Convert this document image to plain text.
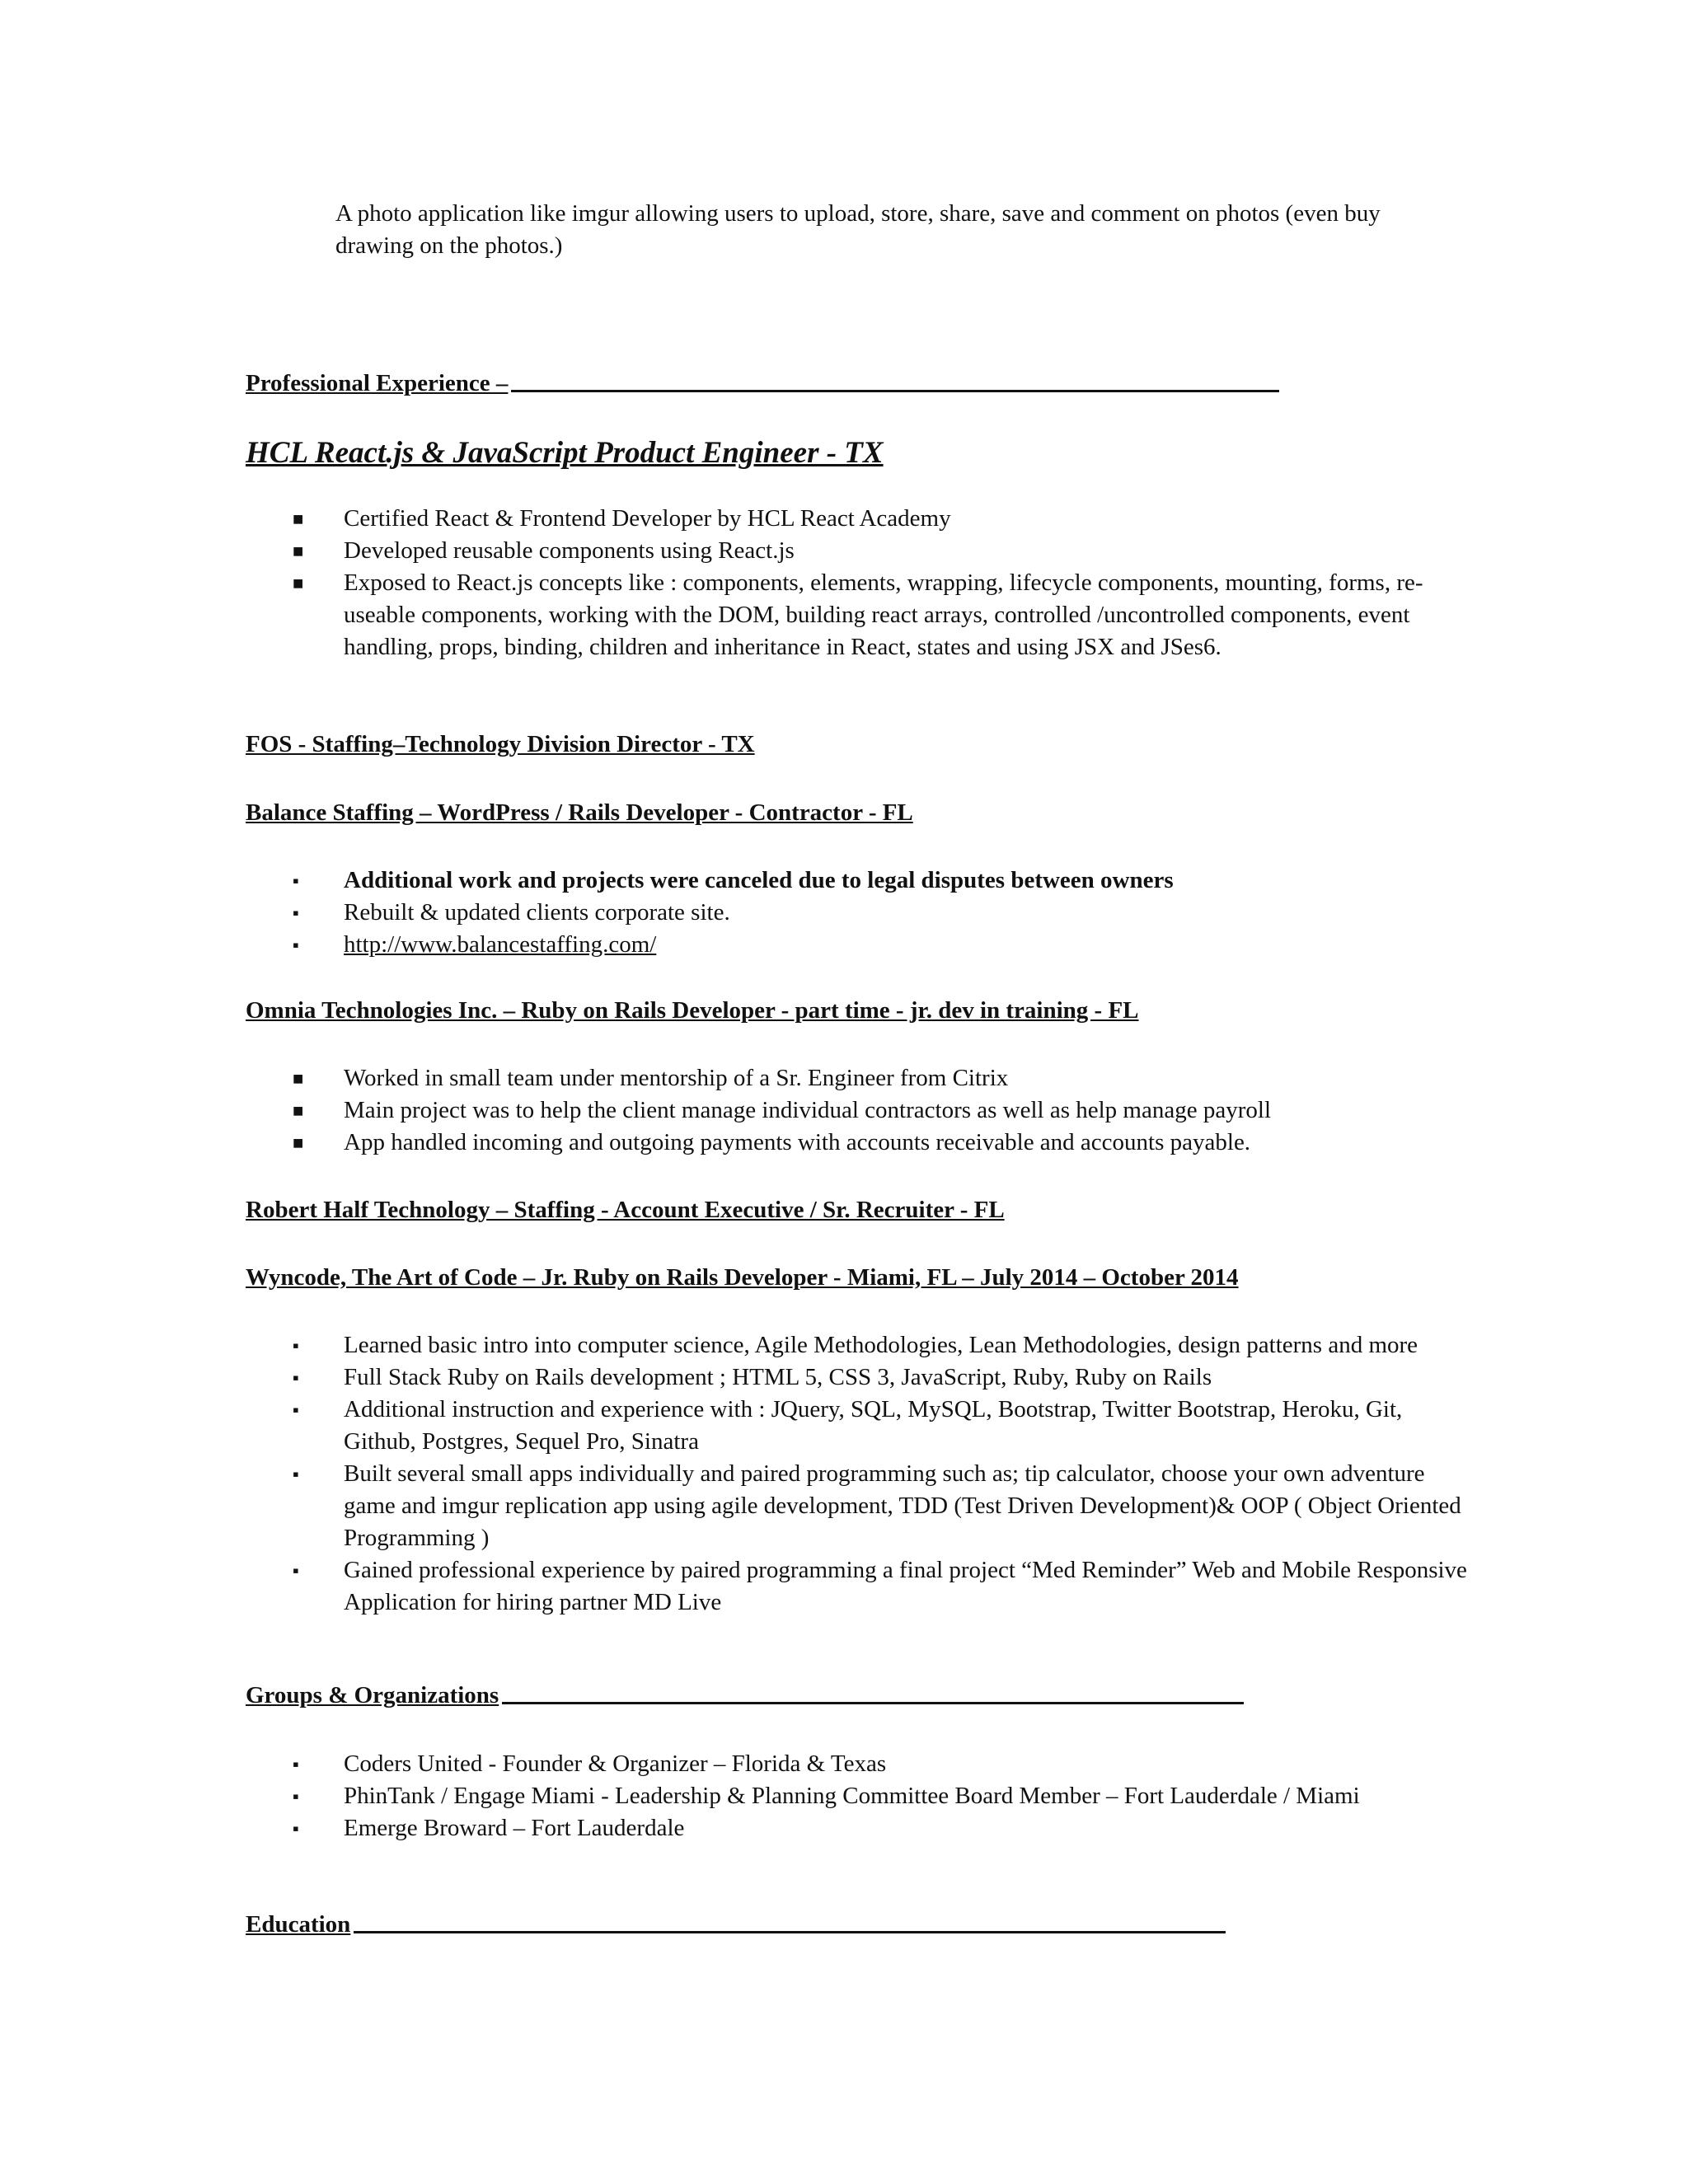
A photo application like imgur allowing users to upload, store, share, save and comment on photos (even buy drawing on the photos.)

Professional Experience –
HCL React.js & JavaScript Product Engineer - TX
■	Certified React & Frontend Developer by HCL React Academy
■	Developed reusable components using React.js
■	Exposed to React.js concepts like : components, elements, wrapping, lifecycle components, mounting, forms, re-useable components, working with the DOM, building react arrays, controlled /uncontrolled components, event handling, props, binding, children and inheritance in React, states and using JSX and JSes6.
FOS - Staffing–Technology Division Director - TX
Balance Staffing – WordPress / Rails Developer - Contractor - FL
▪	Additional work and projects were canceled due to legal disputes between owners
▪	Rebuilt & updated clients corporate site.
▪	http://www.balancestaffing.com/
Omnia Technologies Inc. – Ruby on Rails Developer - part time - jr. dev in training - FL
■	Worked in small team under mentorship of a Sr. Engineer from Citrix
■	Main project was to help the client manage individual contractors as well as help manage payroll
■	App handled incoming and outgoing payments with accounts receivable and accounts payable.
Robert Half Technology – Staffing - Account Executive / Sr. Recruiter - FL
Wyncode, The Art of Code – Jr. Ruby on Rails Developer - Miami, FL – July 2014 – October 2014
▪	Learned basic intro into computer science, Agile Methodologies, Lean Methodologies, design patterns and more
▪	Full Stack Ruby on Rails development ; HTML 5, CSS 3, JavaScript, Ruby, Ruby on Rails
▪	Additional instruction and experience with : JQuery, SQL, MySQL, Bootstrap, Twitter Bootstrap, Heroku, Git, Github, Postgres, Sequel Pro, Sinatra
▪	Built several small apps individually and paired programming such as; tip calculator, choose your own adventure game and imgur replication app using agile development, TDD (Test Driven Development)& OOP ( Object Oriented Programming )
▪	Gained professional experience by paired programming a final project “Med Reminder” Web and Mobile Responsive Application for hiring partner MD Live
Groups & Organizations
▪	Coders United - Founder & Organizer – Florida & Texas
▪	PhinTank / Engage Miami - Leadership & Planning Committee Board Member – Fort Lauderdale / Miami
▪	Emerge Broward – Fort Lauderdale
Education
